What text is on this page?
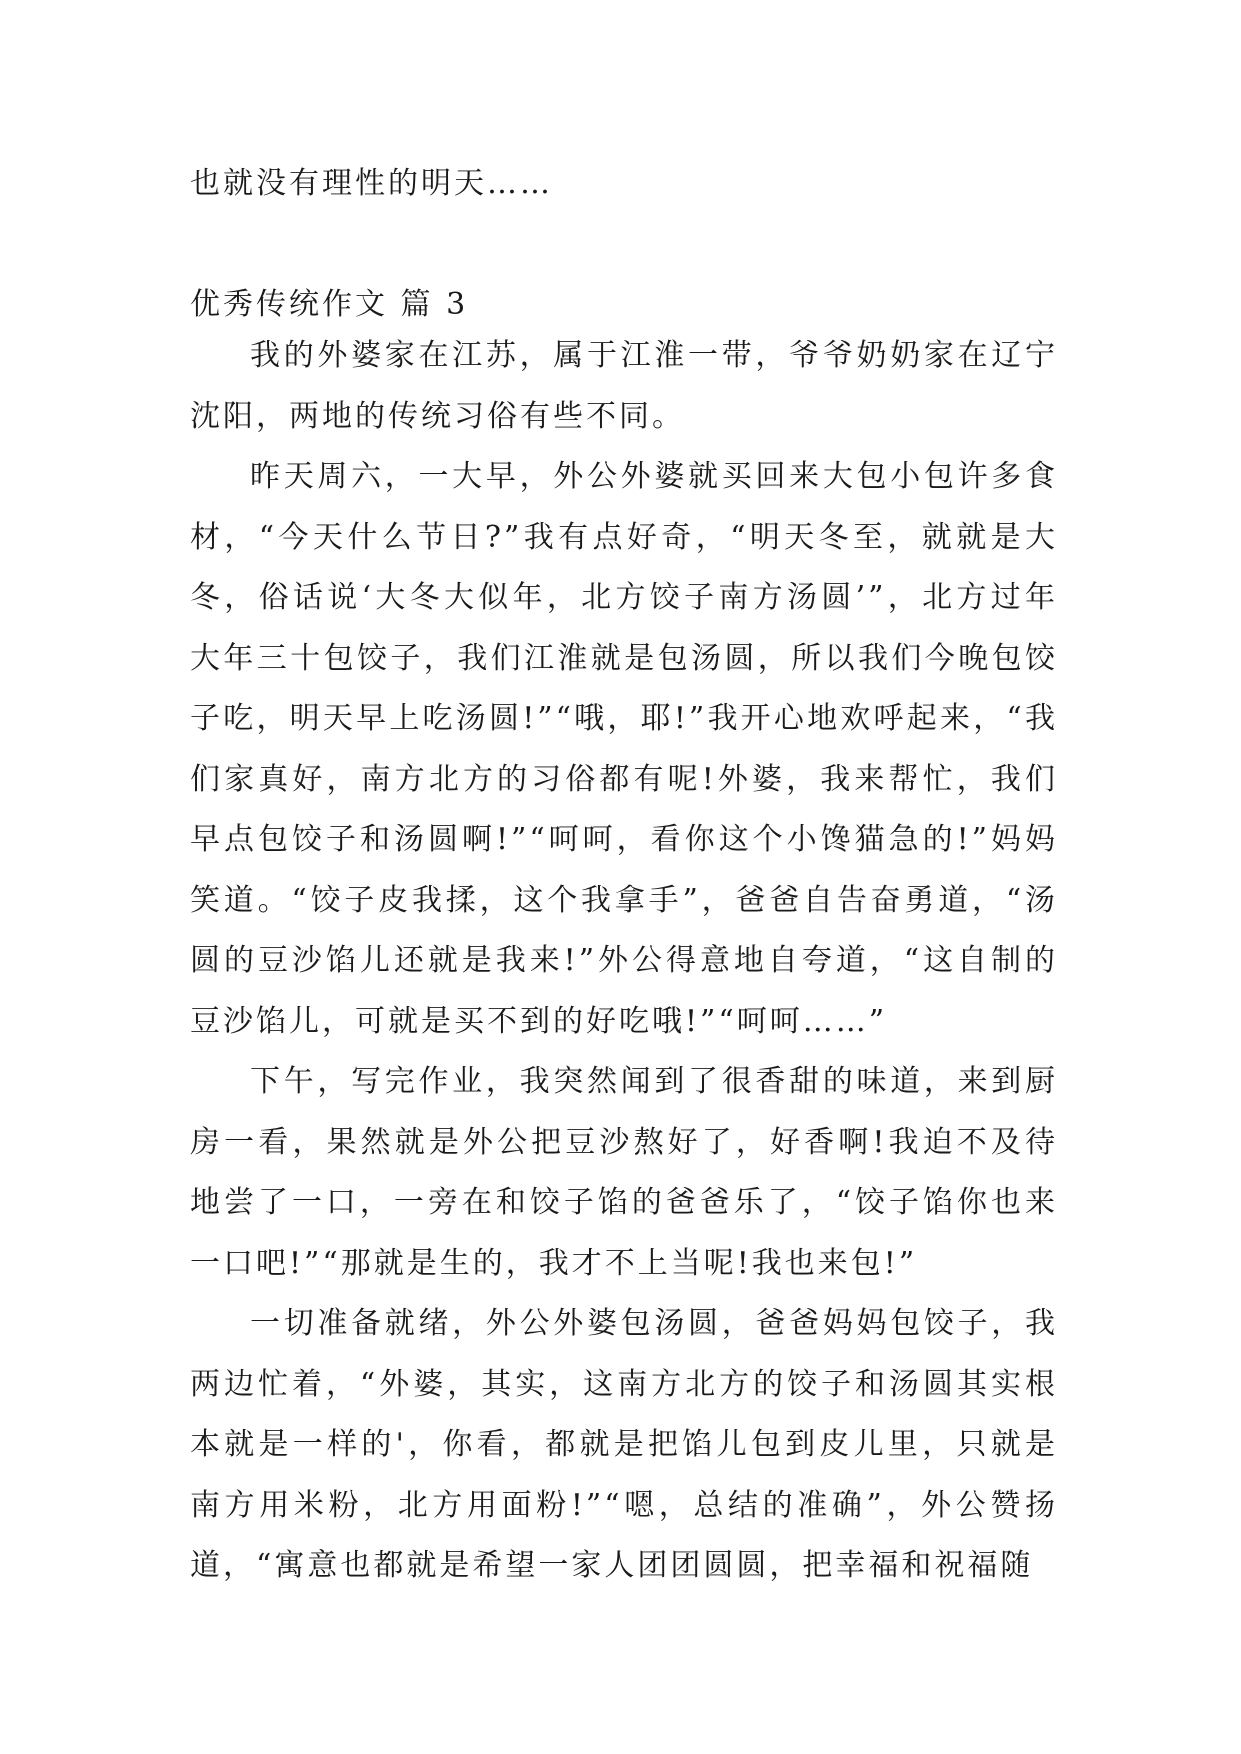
也就没有理性的明天……

优秀传统作文 篇 3

我的外婆家在江苏，属于江淮一带，爷爷奶奶家在辽宁沈阳，两地的传统习俗有些不同。

昨天周六，一大早，外公外婆就买回来大包小包许多食材，“今天什么节日?”我有点好奇，“明天冬至，就就是大冬，俗话说‘大冬大似年，北方饺子南方汤圆’”，北方过年大年三十包饺子，我们江淮就是包汤圆，所以我们今晚包饺子吃，明天早上吃汤圆!”“哦，耶!”我开心地欢呼起来，“我们家真好，南方北方的习俗都有呢!外婆，我来帮忙，我们早点包饺子和汤圆啊!”“呵呵，看你这个小馋猫急的!”妈妈笑道。“饺子皮我揉，这个我拿手”，爸爸自告奋勇道，“汤圆的豆沙馅儿还就是我来!”外公得意地自夸道，“这自制的豆沙馅儿，可就是买不到的好吃哦!”“呵呵……”

下午，写完作业，我突然闻到了很香甜的味道，来到厨房一看，果然就是外公把豆沙熬好了，好香啊!我迫不及待地尝了一口，一旁在和饺子馅的爸爸乐了，“饺子馅你也来一口吧!”“那就是生的，我才不上当呢!我也来包!”

一切准备就绪，外公外婆包汤圆，爸爸妈妈包饺子，我两边忙着，“外婆，其实，这南方北方的饺子和汤圆其实根本就是一样的'，你看，都就是把馅儿包到皮儿里，只就是南方用米粉，北方用面粉!”“嗯，总结的准确”，外公赞扬道，“寓意也都就是希望一家人团团圆圆，把幸福和祝福随
